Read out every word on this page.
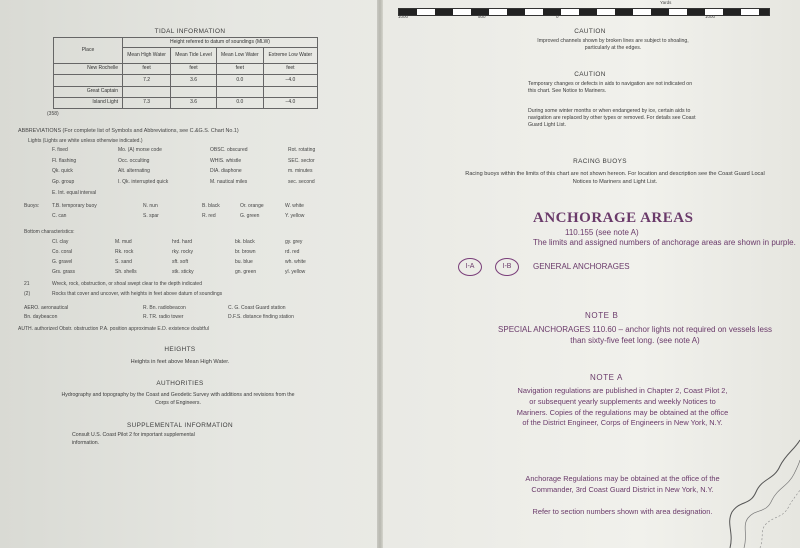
TIDAL INFORMATION
Place	Height referred to datum of soundings (MLW)			
	Mean High Water	Mean Tide Level	Mean Low Water	Extreme Low Water
New Rochelle	feet	feet	feet	feet
	7.2	3.6	0.0	−4.0
Great Captain				
Island Light	7.3	3.6	0.0	−4.0
(358)
ABBREVIATIONS (For complete list of Symbols and Abbreviations, see C.&G.S. Chart No.1)
Lights (Lights are white unless otherwise indicated.)
F. fixed	Mo. (A) morse code	OBSC. obscured	Rot. rotating
Fl. flashing	Occ. occulting	WHIS. whistle	SEC. sector
Qk. quick	Alt. alternating	DIA. diaphone	m. minutes
Gp. group	I. Qk. interrupted quick	M. nautical miles	sec. second
E. Int. equal interval
Buoys:	T.B. temporary buoy	N. nun	B. black	Or. orange	W. white
C. can	S. spar	R. red	G. green	Y. yellow
Bottom characteristics:
Cl. clay	M. mud	hrd. hard	bk. black	gy. grey
Co. coral	Rk. rock	rky. rocky	br. brown	rd. red
G. gravel	S. sand	sft. soft	bu. blue	wh. white
Grs. grass	Sh. shells	stk. sticky	gn. green	yl. yellow
21	Wreck, rock, obstruction, or shoal swept clear to the depth indicated
(2)	Rocks that cover and uncover, with heights in feet above datum of soundings
AERO. aeronautical	R. Bn. radiobeacon	C. G. Coast Guard station
Bn. daybeacon	R. TR. radio tower	D.F.S. distance finding station
AUTH. authorized Obstr. obstruction P.A. position approximate E.D. existence doubtful
HEIGHTS
Heights in feet above Mean High Water.
AUTHORITIES
Hydrography and topography by the Coast and Geodetic Survey with additions and revisions from the Corps of Engineers.
SUPPLEMENTAL INFORMATION
Consult U.S. Coast Pilot 2 for important supplemental information.
1000	500	0	1000
Yards
CAUTION
Improved channels shown by broken lines are subject to shoaling, particularly at the edges.
CAUTION
Temporary changes or defects in aids to navigation are not indicated on this chart. See Notice to Mariners.
During some winter months or when endangered by ice, certain aids to navigation are replaced by other types or removed. For details see Coast Guard Light List.
RACING BUOYS
Racing buoys within the limits of this chart are not shown hereon. For location and description see the Coast Guard Local Notices to Mariners and Light List.
ANCHORAGE AREAS
110.155 (see note A)
The limits and assigned numbers of anchorage areas are shown in purple.
I-A	I-B	GENERAL ANCHORAGES
NOTE B
SPECIAL ANCHORAGES 110.60 – anchor lights not required on vessels less than sixty-five feet long. (see note A)
NOTE A
Navigation regulations are published in Chapter 2, Coast Pilot 2, or subsequent yearly supplements and weekly Notices to Mariners. Copies of the regulations may be obtained at the office of the District Engineer, Corps of Engineers in New York, N.Y.
Anchorage Regulations may be obtained at the office of the Commander, 3rd Coast Guard District in New York, N.Y.
Refer to section numbers shown with area designation.
